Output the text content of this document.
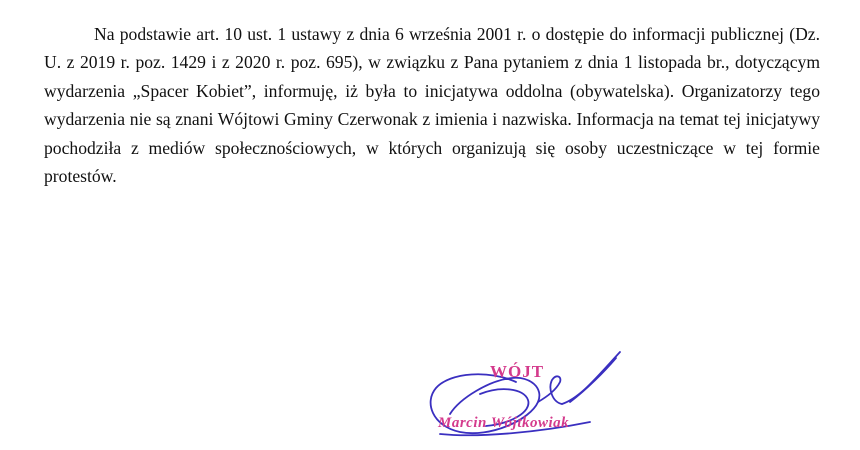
Na podstawie art. 10 ust. 1 ustawy z dnia 6 września 2001 r. o dostępie do informacji publicznej (Dz. U. z 2019 r. poz. 1429 i z 2020 r. poz. 695), w związku z Pana pytaniem z dnia 1 listopada br., dotyczącym wydarzenia „Spacer Kobiet”, informuję, iż była to inicjatywa oddolna (obywatelska). Organizatorzy tego wydarzenia nie są znani Wójtowi Gminy Czerwonak z imienia i nazwiska. Informacja na temat tej inicjatywy pochodziła z mediów społecznościowych, w których organizują się osoby uczestniczące w tej formie protestów.

WÓJT
Marcin Wójtkowiak
